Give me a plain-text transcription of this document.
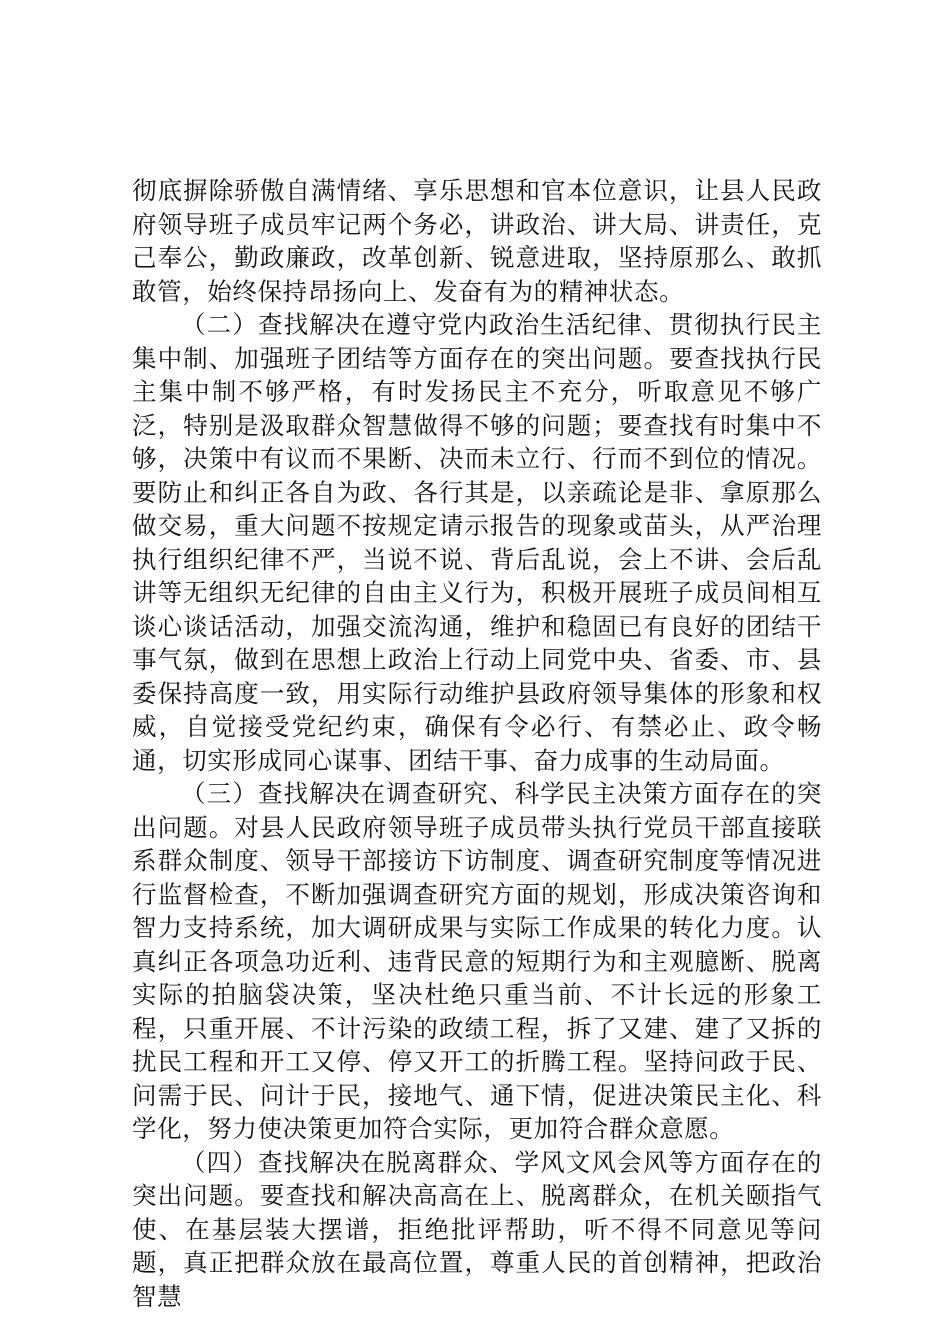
彻底摒除骄傲自满情绪、享乐思想和官本位意识，让县人民政府领导班子成员牢记两个务必，讲政治、讲大局、讲责任，克己奉公，勤政廉政，改革创新、锐意进取，坚持原那么、敢抓敢管，始终保持昂扬向上、发奋有为的精神状态。

（二）查找解决在遵守党内政治生活纪律、贯彻执行民主集中制、加强班子团结等方面存在的突出问题。要查找执行民主集中制不够严格，有时发扬民主不充分，听取意见不够广泛，特别是汲取群众智慧做得不够的问题；要查找有时集中不够，决策中有议而不果断、决而未立行、行而不到位的情况。要防止和纠正各自为政、各行其是，以亲疏论是非、拿原那么做交易，重大问题不按规定请示报告的现象或苗头，从严治理执行组织纪律不严，当说不说、背后乱说，会上不讲、会后乱讲等无组织无纪律的自由主义行为，积极开展班子成员间相互谈心谈话活动，加强交流沟通，维护和稳固已有良好的团结干事气氛，做到在思想上政治上行动上同党中央、省委、市、县委保持高度一致，用实际行动维护县政府领导集体的形象和权威，自觉接受党纪约束，确保有令必行、有禁必止、政令畅通，切实形成同心谋事、团结干事、奋力成事的生动局面。

（三）查找解决在调查研究、科学民主决策方面存在的突出问题。对县人民政府领导班子成员带头执行党员干部直接联系群众制度、领导干部接访下访制度、调查研究制度等情况进行监督检查，不断加强调查研究方面的规划，形成决策咨询和智力支持系统，加大调研成果与实际工作成果的转化力度。认真纠正各项急功近利、违背民意的短期行为和主观臆断、脱离实际的拍脑袋决策，坚决杜绝只重当前、不计长远的形象工程，只重开展、不计污染的政绩工程，拆了又建、建了又拆的扰民工程和开工又停、停又开工的折腾工程。坚持问政于民、问需于民、问计于民，接地气、通下情，促进决策民主化、科学化，努力使决策更加符合实际，更加符合群众意愿。

（四）查找解决在脱离群众、学风文风会风等方面存在的突出问题。要查找和解决高高在上、脱离群众，在机关颐指气使、在基层装大摆谱，拒绝批评帮助，听不得不同意见等问题，真正把群众放在最高位置，尊重人民的首创精神，把政治智慧
